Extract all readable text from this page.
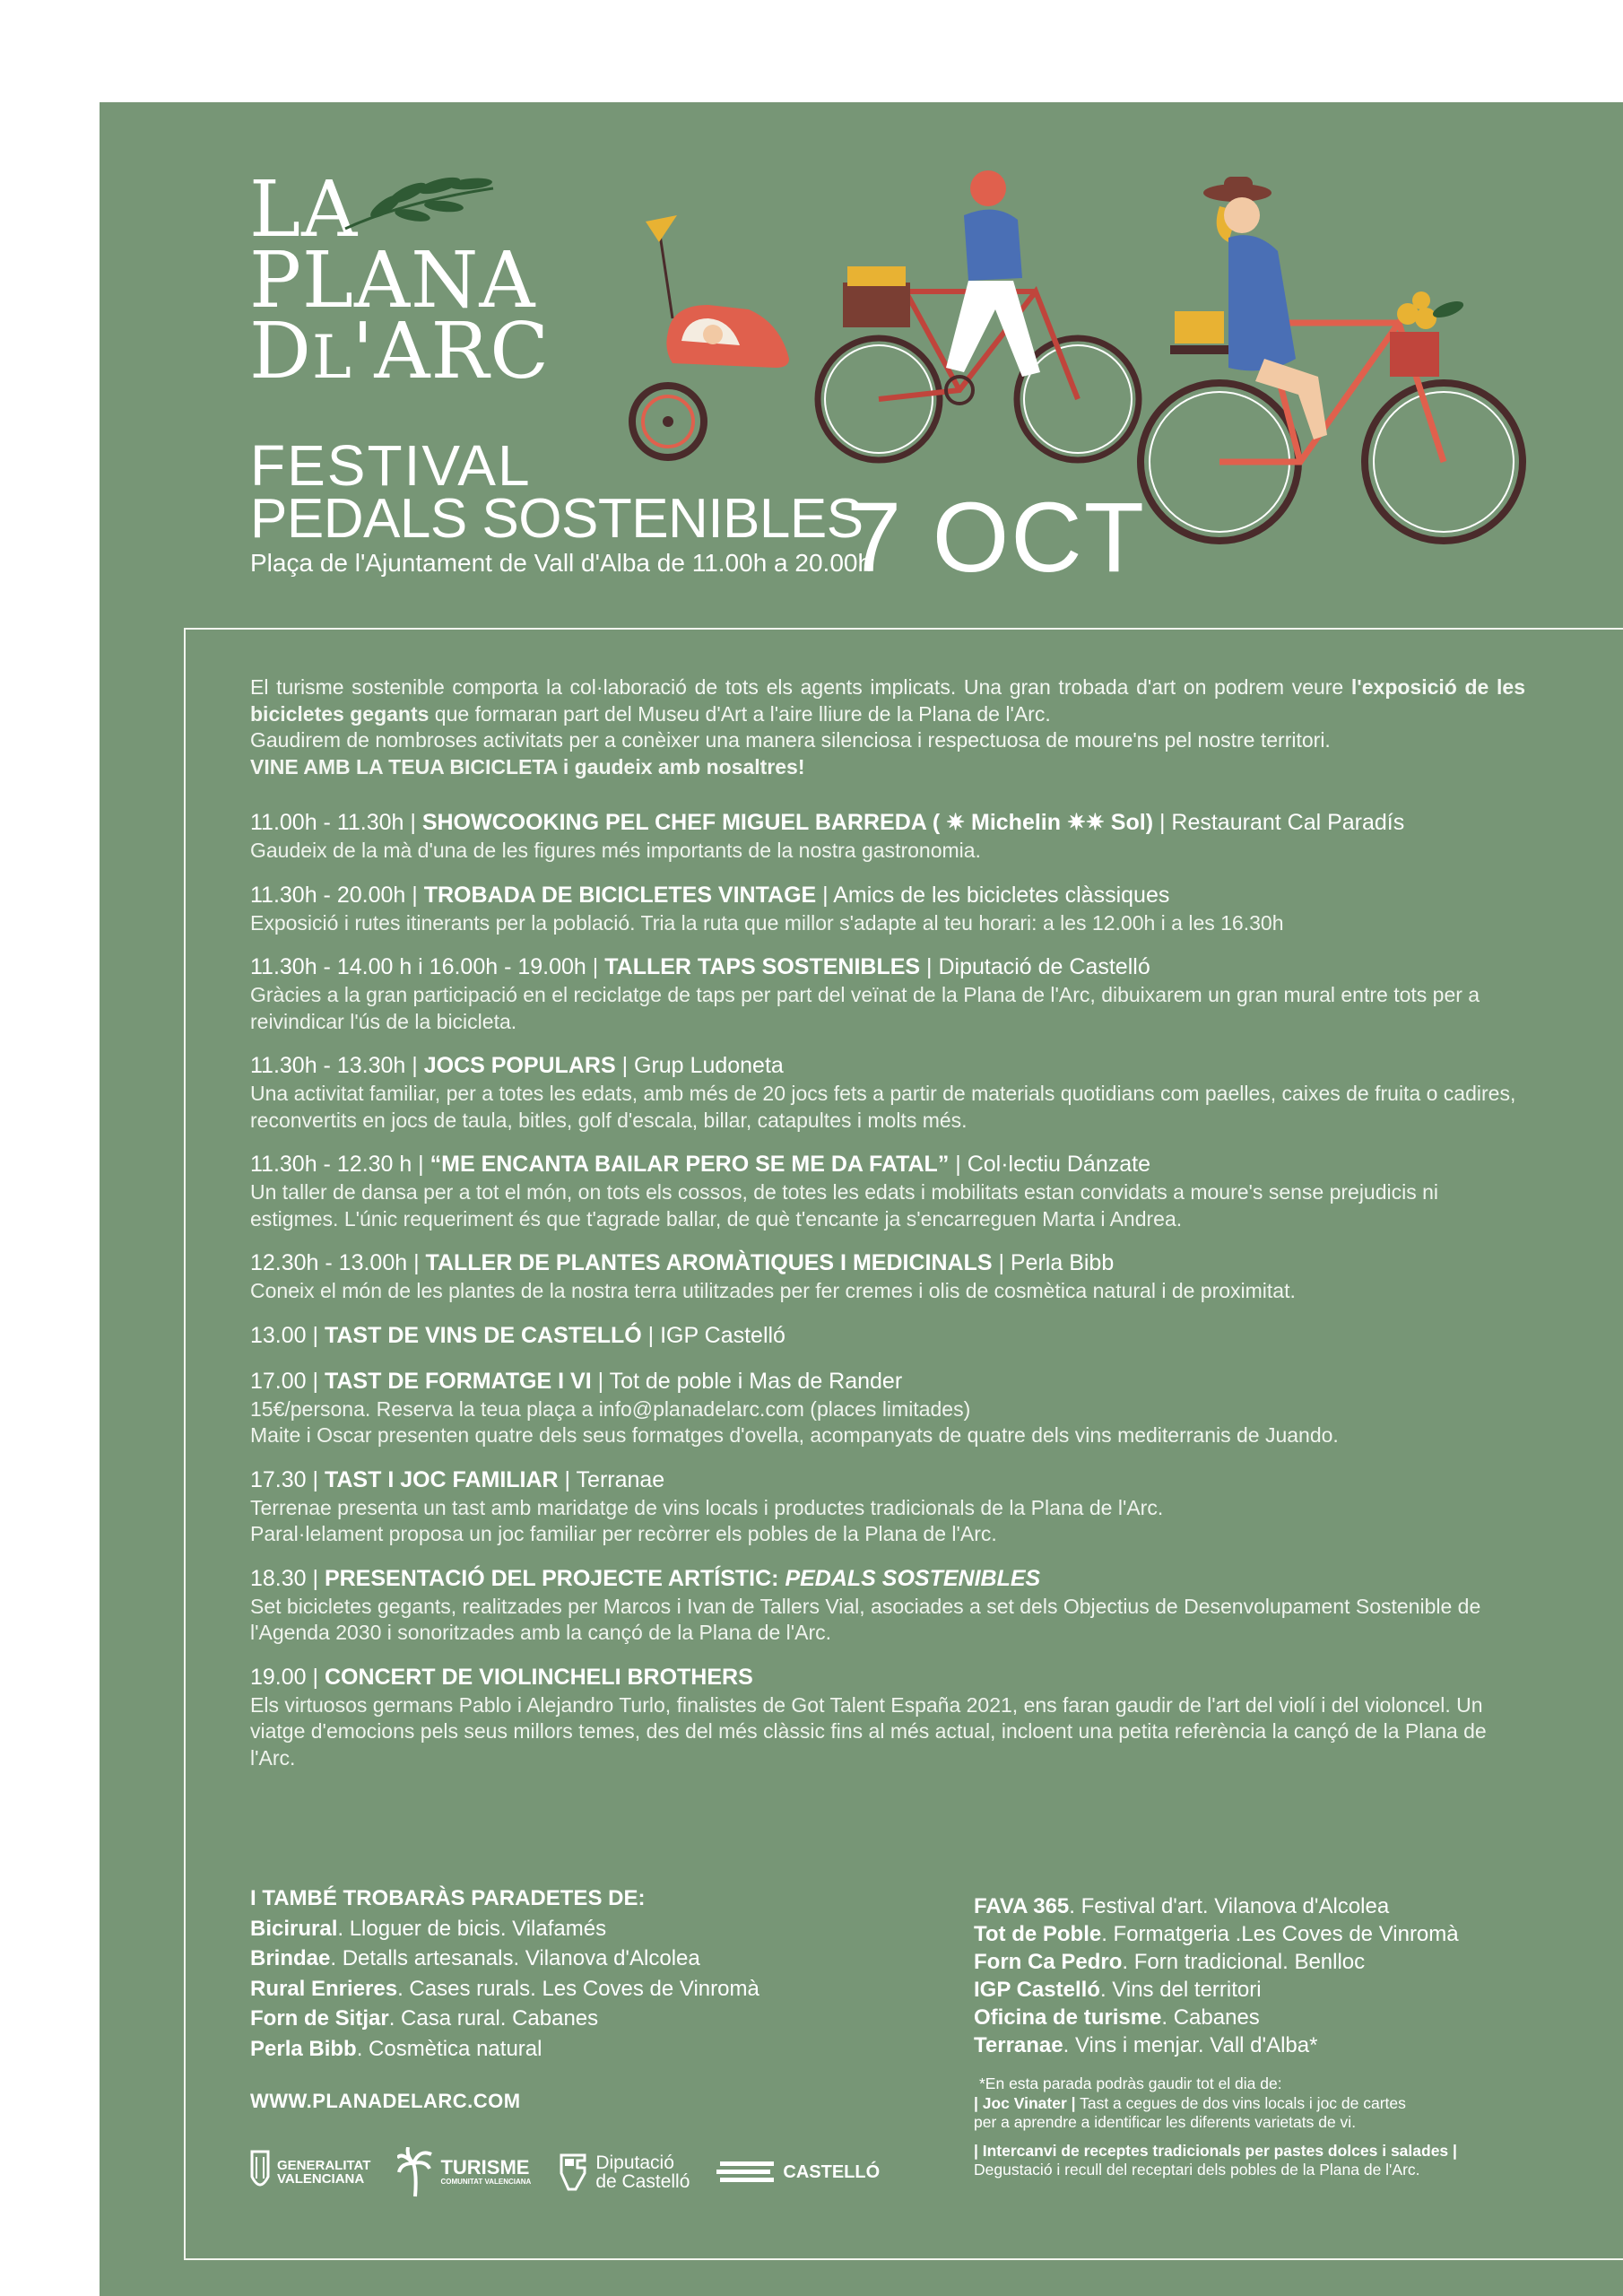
LA
PLANA
DL'ARC
FESTIVAL
PEDALS SOSTENIBLES
Plaça de l'Ajuntament de Vall d'Alba de 11.00h a 20.00h
7 OCT

El turisme sostenible comporta la col·laboració de tots els agents implicats. Una gran trobada d'art on podrem veure l'exposició de les bicicletes gegants que formaran part del Museu d'Art a l'aire lliure de la Plana de l'Arc.
Gaudirem de nombroses activitats per a conèixer una manera silenciosa i respectuosa de moure'ns pel nostre territori.
VINE AMB LA TEUA BICICLETA i gaudeix amb nosaltres!

11.00h - 11.30h | SHOWCOOKING PEL CHEF MIGUEL BARREDA ( ✷ Michelin ✷✷ Sol) | Restaurant Cal Paradís
Gaudeix de la mà d'una de les figures més importants de la nostra gastronomia.
11.30h - 20.00h | TROBADA DE BICICLETES VINTAGE | Amics de les bicicletes clàssiques
Exposició i rutes itinerants per la població. Tria la ruta que millor s'adapte al teu horari: a les 12.00h i a les 16.30h
11.30h - 14.00 h i 16.00h - 19.00h | TALLER TAPS SOSTENIBLES | Diputació de Castelló
Gràcies a la gran participació en el reciclatge de taps per part del veïnat de la Plana de l'Arc, dibuixarem un gran mural entre tots per a reivindicar l'ús de la bicicleta.
11.30h - 13.30h | JOCS POPULARS | Grup Ludoneta
Una activitat familiar, per a totes les edats, amb més de 20 jocs fets a partir de materials quotidians com paelles, caixes de fruita o cadires, reconvertits en jocs de taula, bitles, golf d'escala, billar, catapultes i molts més.
11.30h - 12.30 h | “ME ENCANTA BAILAR PERO SE ME DA FATAL” | Col·lectiu Dánzate
Un taller de dansa per a tot el món, on tots els cossos, de totes les edats i mobilitats estan convidats a moure's sense prejudicis ni estigmes. L'únic requeriment és que t'agrade ballar, de què t'encante ja s'encarreguen Marta i Andrea.
12.30h - 13.00h | TALLER DE PLANTES AROMÀTIQUES I MEDICINALS | Perla Bibb
Coneix el món de les plantes de la nostra terra utilitzades per fer cremes i olis de cosmètica natural i de proximitat.
13.00 | TAST DE VINS DE CASTELLÓ | IGP Castelló
17.00 | TAST DE FORMATGE I VI | Tot de poble i Mas de Rander
15€/persona. Reserva la teua plaça a info@planadelarc.com (places limitades)
Maite i Oscar presenten quatre dels seus formatges d'ovella, acompanyats de quatre dels vins mediterranis de Juando.
17.30 | TAST I JOC FAMILIAR | Terranae
Terrenae presenta un tast amb maridatge de vins locals i productes tradicionals de la Plana de l'Arc.
Paral·lelament proposa un joc familiar per recòrrer els pobles de la Plana de l'Arc.
18.30 | PRESENTACIÓ DEL PROJECTE ARTÍSTIC: PEDALS SOSTENIBLES
Set bicicletes gegants, realitzades per Marcos i Ivan de Tallers Vial, asociades a set dels Objectius de Desenvolupament Sostenible de l'Agenda 2030 i sonoritzades amb la cançó de la Plana de l'Arc.
19.00 | CONCERT DE VIOLINCHELI BROTHERS
Els virtuosos germans Pablo i Alejandro Turlo, finalistes de Got Talent España 2021, ens faran gaudir de l'art del violí i del violoncel. Un viatge d'emocions pels seus millors temes, des del més clàssic fins al més actual, incloent una petita referència la cançó de la Plana de l'Arc.
I TAMBÉ TROBARÀS PARADETES DE:
Bicirural. Lloguer de bicis. Vilafamés
Brindae. Detalls artesanals. Vilanova d'Alcolea
Rural Enrieres. Cases rurals. Les Coves de Vinromà
Forn de Sitjar. Casa rural. Cabanes
Perla Bibb. Cosmètica natural
FAVA 365. Festival d'art. Vilanova d'Alcolea
Tot de Poble. Formatgeria .Les Coves de Vinromà
Forn Ca Pedro. Forn tradicional. Benlloc
IGP Castelló. Vins del territori
Oficina de turisme. Cabanes
Terranae. Vins i menjar. Vall d'Alba*
WWW.PLANADELARC.COM
*En esta parada podràs gaudir tot el dia de:
| Joc Vinater | Tast a cegues de dos vins locals i joc de cartes
per a aprendre a identificar les diferents varietats de vi.
| Intercanvi de receptes tradicionals per pastes dolces i salades |
Degustació i recull del receptari dels pobles de la Plana de l'Arc.
GENERALITAT
VALENCIANA
TURISME
COMUNITAT VALENCIANA
Diputació
de Castelló	CASTELLÓ
